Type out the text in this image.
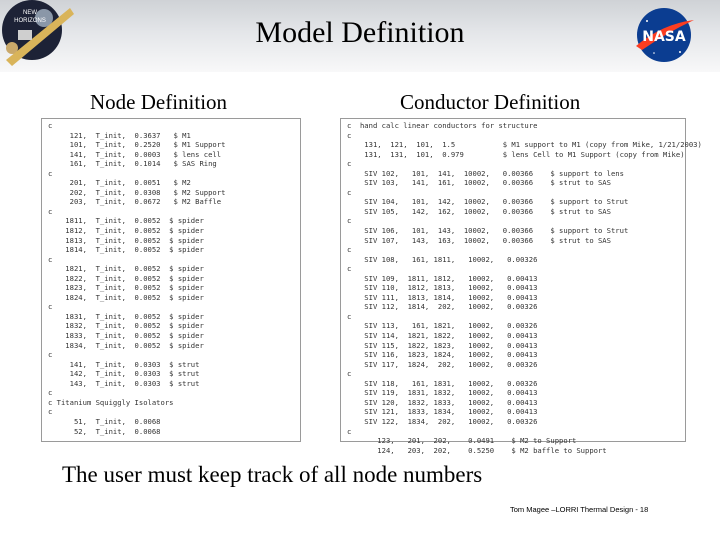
NEW
HORIZONS	Model Definition	NASA
Node Definition	Conductor Definition
c
121,  T_init,  0.3637   $ M1
101,  T_init,  0.2520   $ M1 Support
141,  T_init,  0.0003   $ lens cell
161,  T_init,  0.1014   $ SAS Ring
c
201,  T_init,  0.0051   $ M2
202,  T_init,  0.0308   $ M2 Support
203,  T_init,  0.0672   $ M2 Baffle
c
1811,  T_init,  0.0052  $ spider
1812,  T_init,  0.0052  $ spider
1813,  T_init,  0.0052  $ spider
1814,  T_init,  0.0052  $ spider
c
1821,  T_init,  0.0052  $ spider
1822,  T_init,  0.0052  $ spider
1823,  T_init,  0.0052  $ spider
1824,  T_init,  0.0052  $ spider
c
1831,  T_init,  0.0052  $ spider
1832,  T_init,  0.0052  $ spider
1833,  T_init,  0.0052  $ spider
1834,  T_init,  0.0052  $ spider
c
141,  T_init,  0.0303  $ strut
142,  T_init,  0.0303  $ strut
143,  T_init,  0.0303  $ strut
c
c Titanium Squiggly Isolators
c
51,  T_init,  0.0068
52,  T_init,  0.0068
c  hand calc linear conductors for structure
c
131,  121,  101,  1.5           $ M1 support to M1 (copy from Mike, 1/21/2003)
131,  131,  101,  0.979         $ lens Cell to M1 Support (copy from Mike)
c
SIV 102,   101,  141,  10002,   0.00366    $ support to lens
SIV 103,   141,  161,  10002,   0.00366    $ strut to SAS
c
SIV 104,   101,  142,  10002,   0.00366    $ support to Strut
SIV 105,   142,  162,  10002,   0.00366    $ strut to SAS
c
SIV 106,   101,  143,  10002,   0.00366    $ support to Strut
SIV 107,   143,  163,  10002,   0.00366    $ strut to SAS
c
SIV 108,   161, 1811,   10002,   0.00326
c
SIV 109,  1811, 1812,   10002,   0.00413
SIV 110,  1812, 1813,   10002,   0.00413
SIV 111,  1813, 1814,   10002,   0.00413
SIV 112,  1814,  202,   10002,   0.00326
c
SIV 113,   161, 1821,   10002,   0.00326
SIV 114,  1821, 1822,   10002,   0.00413
SIV 115,  1822, 1823,   10002,   0.00413
SIV 116,  1823, 1824,   10002,   0.00413
SIV 117,  1824,  202,   10002,   0.00326
c
SIV 118,   161, 1831,   10002,   0.00326
SIV 119,  1831, 1832,   10002,   0.00413
SIV 120,  1832, 1833,   10002,   0.00413
SIV 121,  1833, 1834,   10002,   0.00413
SIV 122,  1834,  202,   10002,   0.00326
c
123,   201,  202,    0.0491    $ M2 to Support
124,   203,  202,    0.5250    $ M2 baffle to Support
The user must keep track of all node numbers
Tom Magee –LORRI Thermal Design - 18
